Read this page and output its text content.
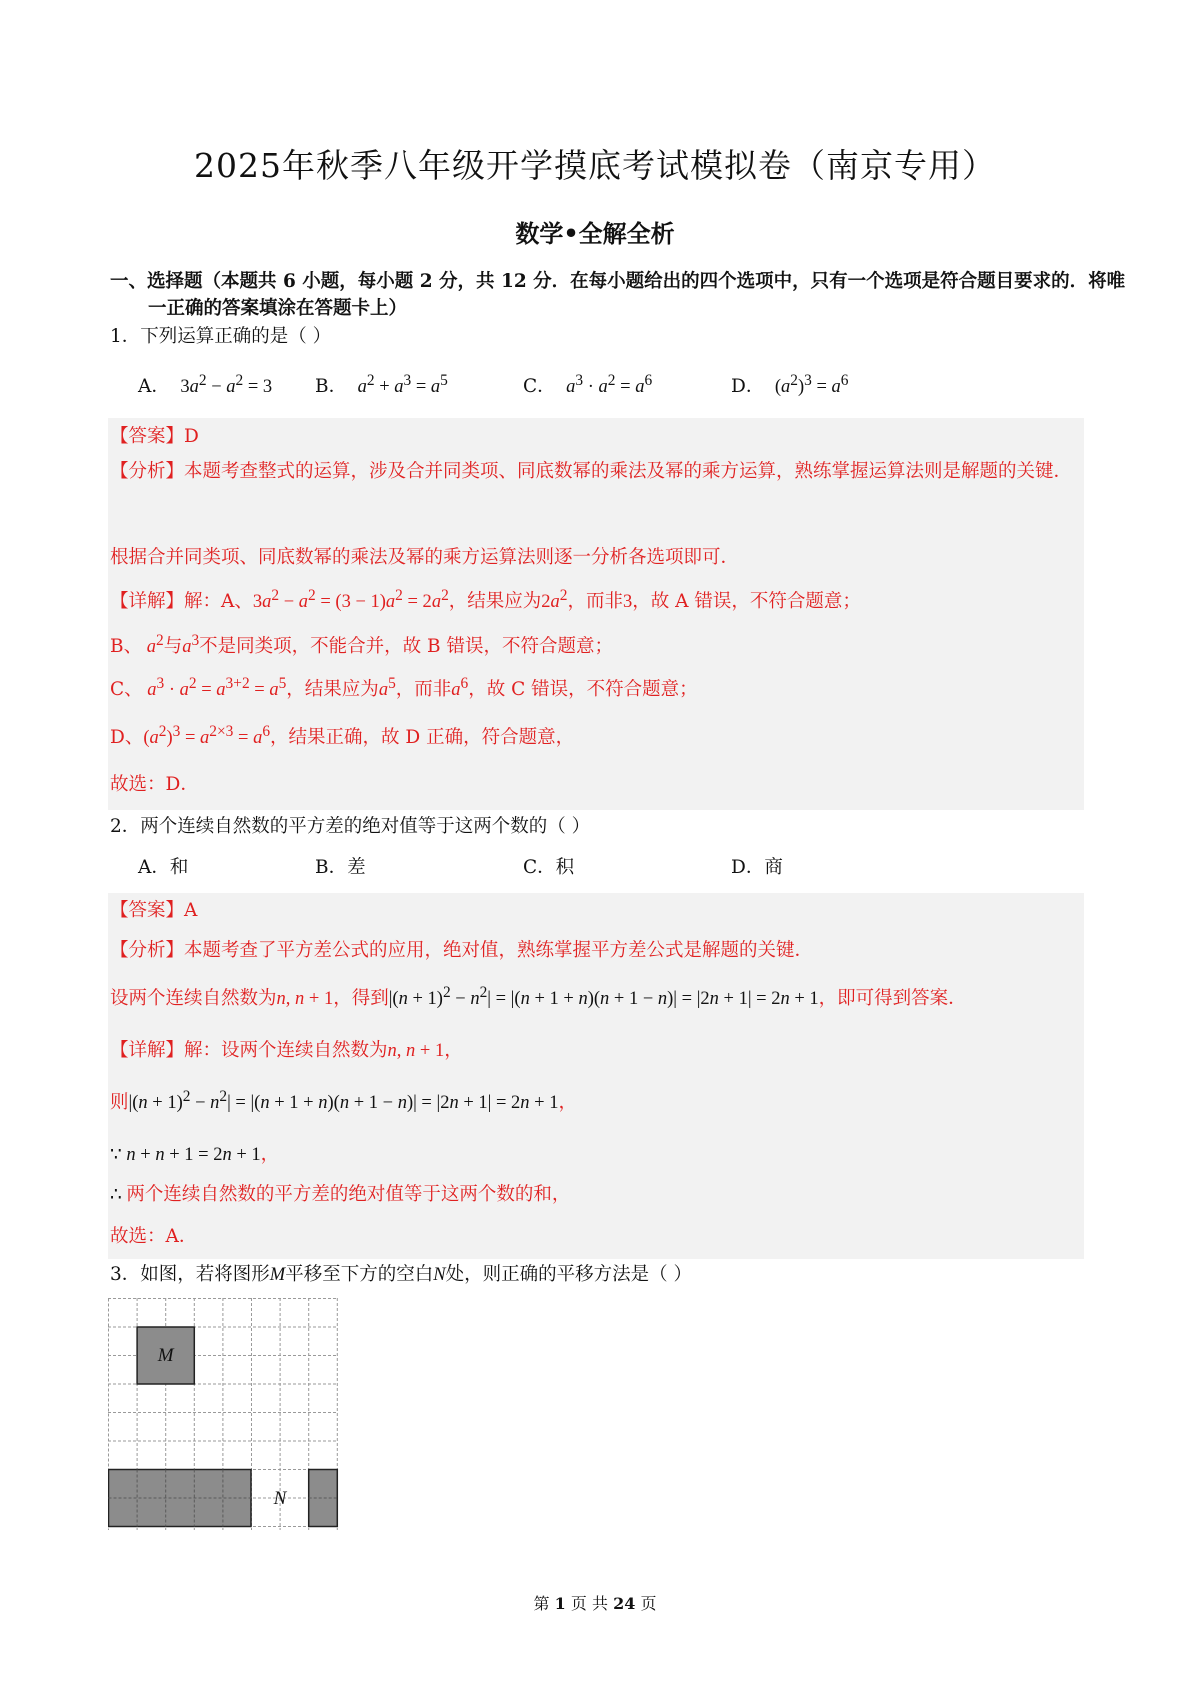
2025年秋季八年级开学摸底考试模拟卷（南京专用）
数学•全解全析
一、选择题（本题共 6 小题，每小题 2 分，共 12 分．在每小题给出的四个选项中，只有一个选项是符合题目要求的．将唯一正确的答案填涂在答题卡上）
1．下列运算正确的是（ ）
A．  $3a^2 - a^2 = 3$ B． $a^2 + a^3 = a^5$	C． $a^3 \cdot a^2 = a^6$	D．  $(a^2)^3 = a^6$
【答案】D
【分析】本题考查整式的运算，涉及合并同类项、同底数幂的乘法及幂的乘方运算，熟练掌握运算法则是解题的关键．
根据合并同类项、同底数幂的乘法及幂的乘方运算法则逐一分析各选项即可．
【详解】解：A、$3a^2 - a^2 = (3 - 1)a^2 = 2a^2$，结果应为$2a^2$，而非3，故 A 错误，不符合题意；
B、 $a^2$与$a^3$不是同类项，不能合并，故 B 错误，不符合题意；
C、 $a^3 \cdot a^2 = a^{3+2} = a^5$，结果应为$a^5$，而非$a^6$，故 C 错误，不符合题意；
D、$(a^2)^3 = a^{2\times 3} = a^6$，结果正确，故 D 正确，符合题意，
故选：D．
2．两个连续自然数的平方差的绝对值等于这两个数的（ ）
A．和	B．差	C．积	D．商
【答案】A
【分析】本题考查了平方差公式的应用，绝对值，熟练掌握平方差公式是解题的关键．
设两个连续自然数为n, n + 1，得到$|(n + 1)^2 - n^2| = |(n + 1 + n)(n + 1 - n)| = |2n + 1| = 2n + 1$，即可得到答案．
【详解】解：设两个连续自然数为n, n + 1，
则$|(n + 1)^2 - n^2| = |(n + 1 + n)(n + 1 - n)| = |2n + 1| = 2n + 1$，
∵ n + n + 1 = 2n + 1，
∴ 两个连续自然数的平方差的绝对值等于这两个数的和，
故选：A．
3．如图，若将图形M平移至下方的空白N处，则正确的平移方法是（ ）
M
N
第 1 页 共 24 页
